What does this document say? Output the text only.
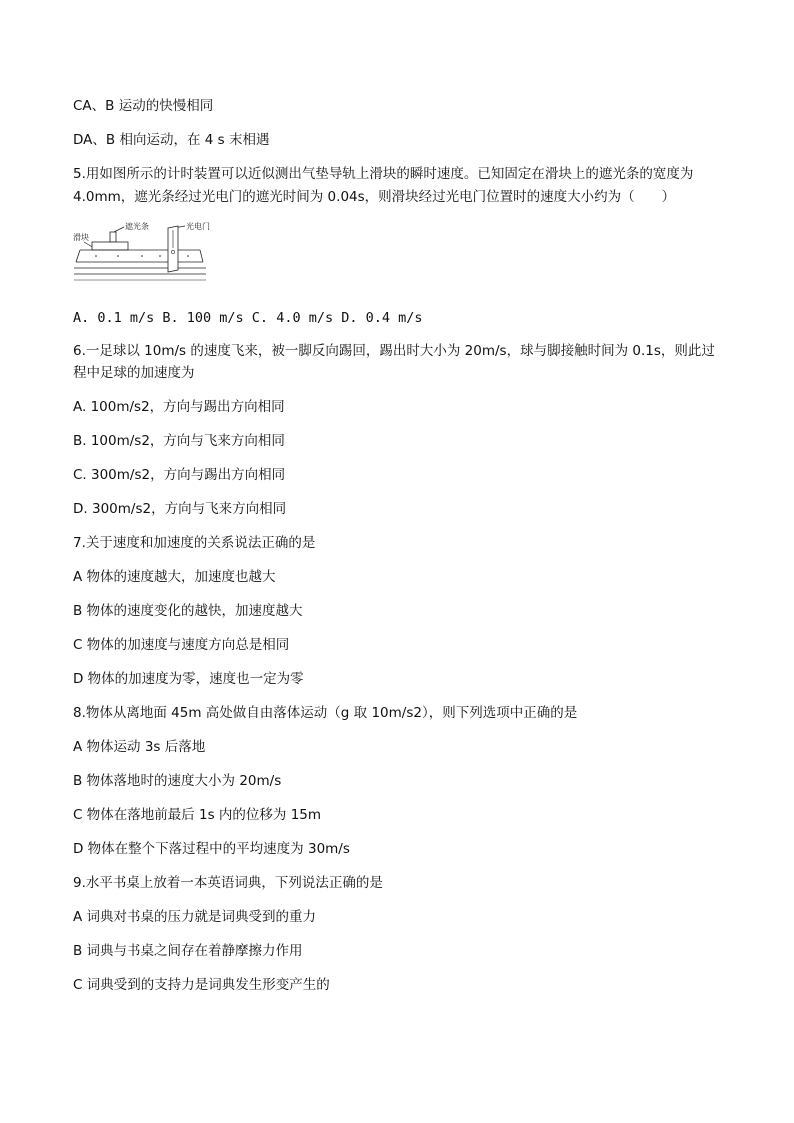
CA、B 运动的快慢相同
DA、B 相向运动，在 4 s 末相遇
5.用如图所示的计时装置可以近似测出气垫导轨上滑块的瞬时速度。已知固定在滑块上的遮光条的宽度为
4.0mm，遮光条经过光电门的遮光时间为 0.04s，则滑块经过光电门位置时的速度大小约为（　　）
滑块
遮光条	光电门
A. 0.1 m/s B. 100 m/s C. 4.0 m/s D. 0.4 m/s
6.一足球以 10m/s 的速度飞来，被一脚反向踢回，踢出时大小为 20m/s，球与脚接触时间为 0.1s，则此过
程中足球的加速度为
A. 100m/s2，方向与踢出方向相同
B. 100m/s2，方向与飞来方向相同
C. 300m/s2，方向与踢出方向相同
D. 300m/s2，方向与飞来方向相同
7.关于速度和加速度的关系说法正确的是
A 物体的速度越大，加速度也越大
B 物体的速度变化的越快，加速度越大
C 物体的加速度与速度方向总是相同
D 物体的加速度为零，速度也一定为零
8.物体从离地面 45m 高处做自由落体运动（g 取 10m/s2），则下列选项中正确的是
A 物体运动 3s 后落地
B 物体落地时的速度大小为 20m/s
C 物体在落地前最后 1s 内的位移为 15m
D 物体在整个下落过程中的平均速度为 30m/s
9.水平书桌上放着一本英语词典，下列说法正确的是
A 词典对书桌的压力就是词典受到的重力
B 词典与书桌之间存在着静摩擦力作用
C 词典受到的支持力是词典发生形变产生的
